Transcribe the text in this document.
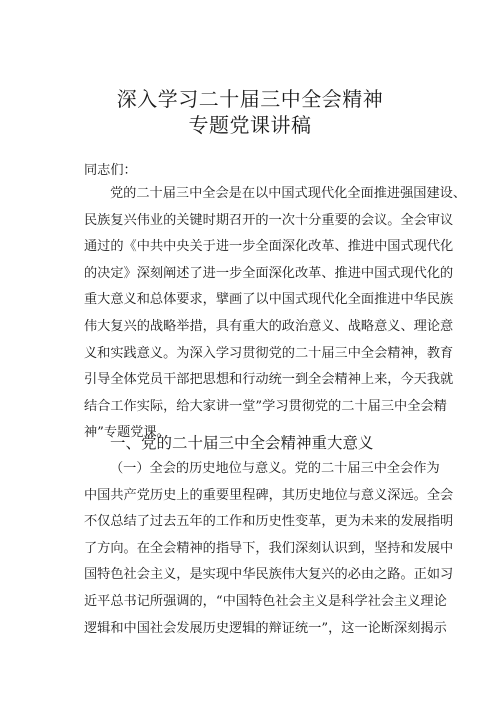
深入学习二十届三中全会精神
专题党课讲稿
同志们：
党的二十届三中全会是在以中国式现代化全面推进强国建设、
民族复兴伟业的关键时期召开的一次十分重要的会议。全会审议
通过的《中共中央关于进一步全面深化改革、推进中国式现代化
的决定》深刻阐述了进一步全面深化改革、推进中国式现代化的
重大意义和总体要求，擘画了以中国式现代化全面推进中华民族
伟大复兴的战略举措，具有重大的政治意义、战略意义、理论意
义和实践意义。为深入学习贯彻党的二十届三中全会精神，教育
引导全体党员干部把思想和行动统一到全会精神上来，今天我就
结合工作实际，给大家讲一堂”学习贯彻党的二十届三中全会精
神”专题党课。
一、党的二十届三中全会精神重大意义
（一）全会的历史地位与意义。党的二十届三中全会作为
中国共产党历史上的重要里程碑，其历史地位与意义深远。全会
不仅总结了过去五年的工作和历史性变革，更为未来的发展指明
了方向。在全会精神的指导下，我们深刻认识到，坚持和发展中
国特色社会主义，是实现中华民族伟大复兴的必由之路。正如习
近平总书记所强调的，“中国特色社会主义是科学社会主义理论
逻辑和中国社会发展历史逻辑的辩证统一”，这一论断深刻揭示
